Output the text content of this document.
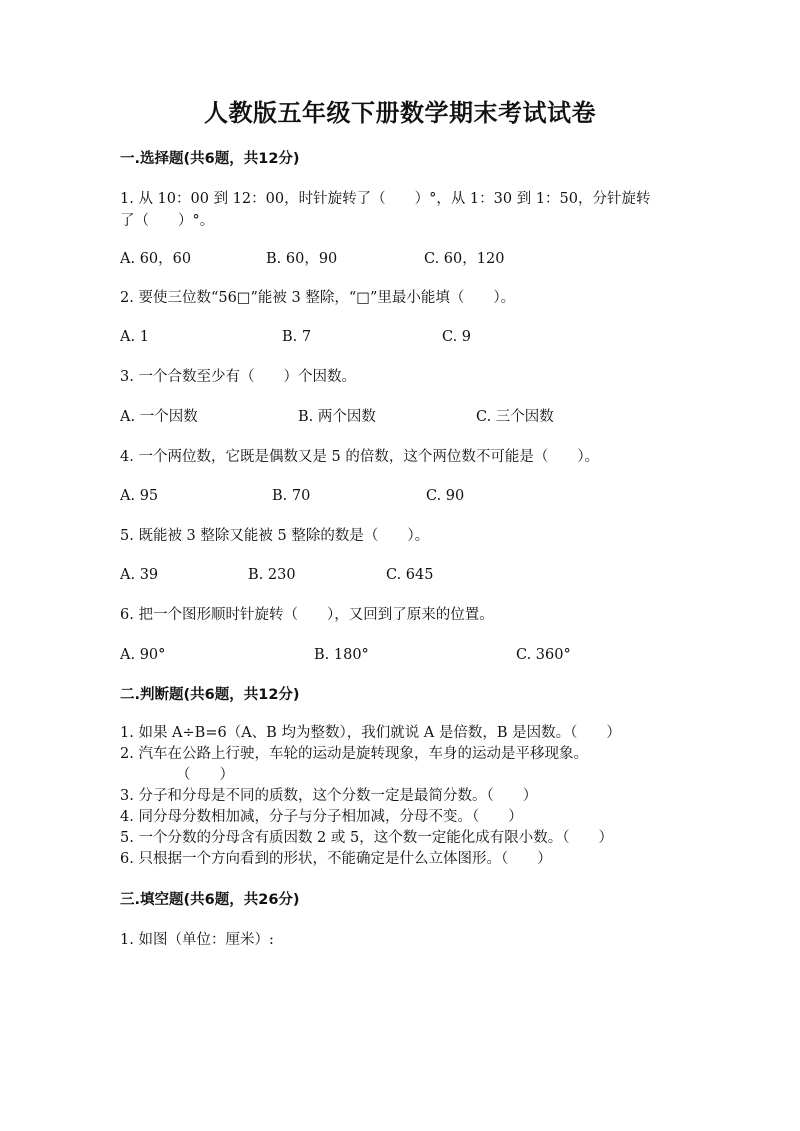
人教版五年级下册数学期末考试试卷
一.选择题(共6题，共12分)
1. 从 10：00 到 12：00，时针旋转了（　　）°，从 1：30 到 1：50，分针旋转
了（　　）°。
A. 60，60	B. 60，90	C. 60，120
2. 要使三位数“56□”能被 3 整除，“□”里最小能填（　　）。
A. 1	B. 7	C. 9
3. 一个合数至少有（　　）个因数。
A. 一个因数	B. 两个因数	C. 三个因数
4. 一个两位数，它既是偶数又是 5 的倍数，这个两位数不可能是（　　）。
A. 95	B. 70	C. 90
5. 既能被 3 整除又能被 5 整除的数是（　　）。
A. 39	B. 230	C. 645
6. 把一个图形顺时针旋转（　　），又回到了原来的位置。
A. 90°	B. 180°	C. 360°
二.判断题(共6题，共12分)
1. 如果 A÷B=6（A、B 均为整数），我们就说 A 是倍数，B 是因数。（　　）
2. 汽车在公路上行驶，车轮的运动是旋转现象，车身的运动是平移现象。
（　　）
3. 分子和分母是不同的质数，这个分数一定是最简分数。（　　）
4. 同分母分数相加减，分子与分子相加减，分母不变。（　　）
5. 一个分数的分母含有质因数 2 或 5，这个数一定能化成有限小数。（　　）
6. 只根据一个方向看到的形状，不能确定是什么立体图形。（　　）
三.填空题(共6题，共26分)
1. 如图（单位：厘米）:
